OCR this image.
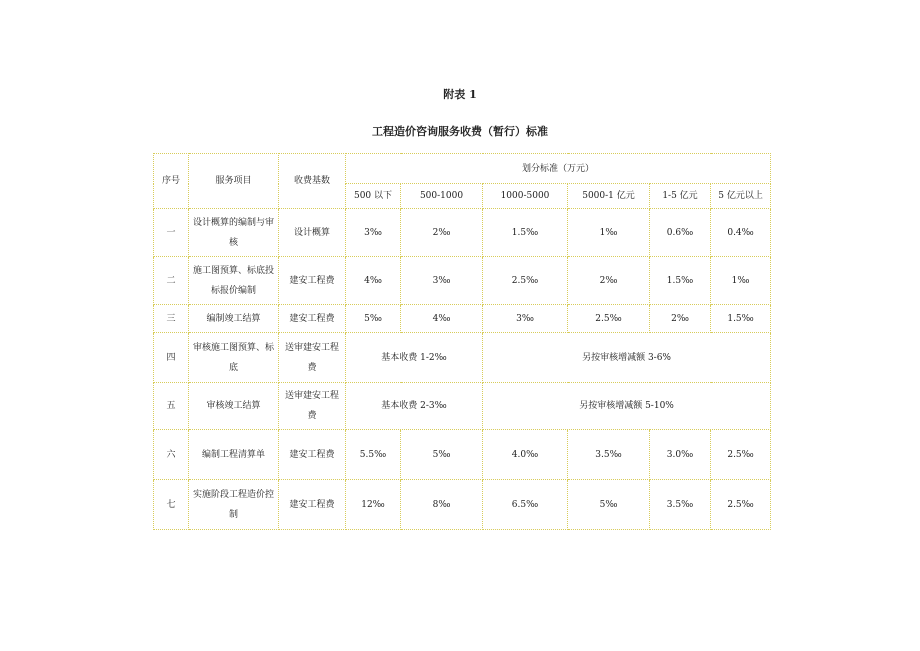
附表 1
工程造价咨询服务收费（暂行）标准
序号	服务项目	收费基数	划分标准（万元）					
			500 以下	500-1000	1000-5000	5000-1 亿元	1-5 亿元	5 亿元以上
一	设计概算的编制与审核	设计概算	3‰	2‰	1.5‰	1‰	0.6‰	0.4‰
二	施工图预算、标底投标报价编制	建安工程费	4‰	3‰	2.5‰	2‰	1.5‰	1‰
三	编制竣工结算	建安工程费	5‰	4‰	3‰	2.5‰	2‰	1.5‰
四	审核施工图预算、标底	送审建安工程费	基本收费 1-2‰		另按审核增减额 3-6%			
五	审核竣工结算	送审建安工程费	基本收费 2-3‰		另按审核增减额 5-10%			
六	编制工程清算单	建安工程费	5.5‰	5‰	4.0‰	3.5‰	3.0‰	2.5‰
七	实施阶段工程造价控制	建安工程费	12‰	8‰	6.5‰	5‰	3.5‰	2.5‰
